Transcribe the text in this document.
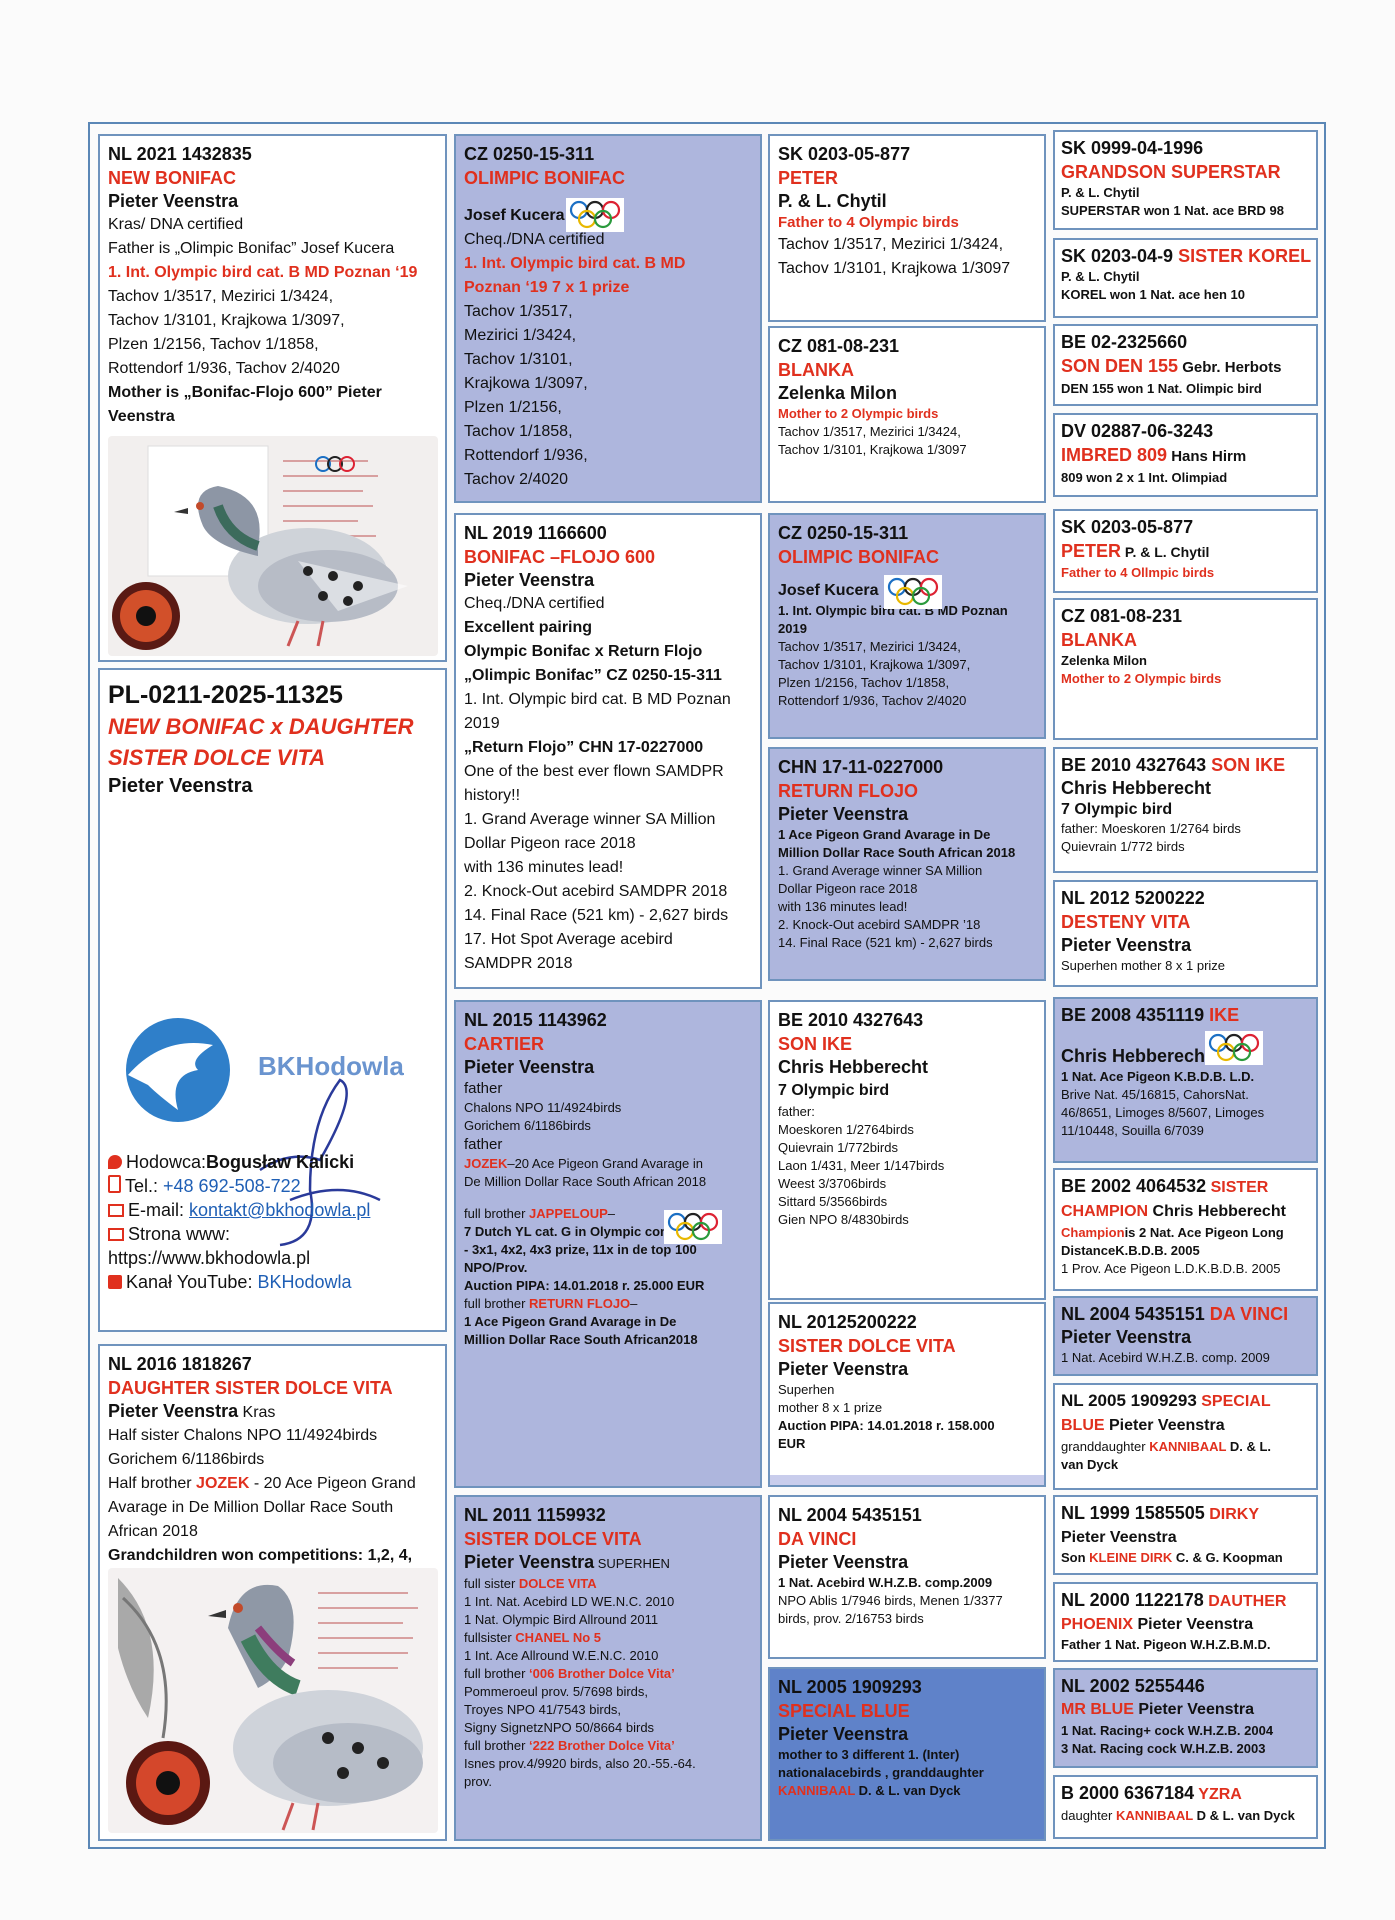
NL 2021 1432835
NEW BONIFAC
Pieter Veenstra
Kras/ DNA certified
Father is „Olimpic Bonifac” Josef Kucera
1. Int. Olympic bird cat. B MD Poznan ‘19
Tachov 1/3517, Mezirici 1/3424,
Tachov 1/3101, Krajkowa 1/3097,
Plzen 1/2156, Tachov 1/1858,
Rottendorf 1/936, Tachov 2/4020
Mother is „Bonifac-Flojo 600” Pieter
Veenstra
PL-0211-2025-11325
NEW BONIFAC x DAUGHTER
SISTER DOLCE VITA
Pieter Veenstra
BKHodowla
Hodowca:Bogusław Kalicki
Tel.: +48 692-508-722
E-mail: kontakt@bkhodowla.pl
Strona www:
https://www.bkhodowla.pl
Kanał YouTube: BKHodowla
NL 2016 1818267
DAUGHTER SISTER DOLCE VITA
Pieter Veenstra Kras
Half sister Chalons NPO 11/4924birds
Gorichem 6/1186birds
Half brother JOZEK - 20 Ace Pigeon Grand
Avarage in De Million Dollar Race South
African 2018
Grandchildren won competitions: 1,2, 4,
CZ 0250-15-311
OLIMPIC BONIFAC
Josef Kucera
Cheq./DNA certified
1. Int. Olympic bird cat. B MD
Poznan ‘19 7 x 1 prize
Tachov 1/3517,
Mezirici 1/3424,
Tachov 1/3101,
Krajkowa 1/3097,
Plzen 1/2156,
Tachov 1/1858,
Rottendorf 1/936,
Tachov 2/4020
NL 2019 1166600
BONIFAC –FLOJO 600
Pieter Veenstra
Cheq./DNA certified
Excellent pairing
Olympic Bonifac x Return Flojo
„Olimpic Bonifac” CZ 0250-15-311
1. Int. Olympic bird cat. B MD Poznan
2019
„Return Flojo” CHN 17-0227000
One of the best ever flown SAMDPR
history!!
1. Grand Average winner SA Million
Dollar Pigeon race 2018
with 136 minutes lead!
2. Knock-Out acebird SAMDPR 2018
14. Final Race (521 km) - 2,627 birds
17. Hot Spot Average acebird
SAMDPR 2018
NL 2015 1143962
CARTIER
Pieter Veenstra
father
Chalons NPO 11/4924birds
Gorichem 6/1186birds
father
JOZEK–20 Ace Pigeon Grand Avarage in
De Million Dollar Race South African 2018
full brother JAPPELOUP–
7 Dutch YL cat. G in Olympic comp. 2015
- 3x1, 4x2, 4x3 prize, 11x in de top 100
NPO/Prov.
Auction PIPA: 14.01.2018 r. 25.000 EUR
full brother RETURN FLOJO–
1 Ace Pigeon Grand Avarage in De
Million Dollar Race South African2018
NL 2011 1159932
SISTER DOLCE VITA
Pieter Veenstra SUPERHEN
full sister DOLCE VITA
1 Int. Nat. Acebird LD WE.N.C. 2010
1 Nat. Olympic Bird Allround 2011
fullsister CHANEL No 5
1 Int. Ace Allround W.E.N.C. 2010
full brother ‘006 Brother Dolce Vita’
Pommeroeul prov. 5/7698 birds,
Troyes NPO 41/7543 birds,
Signy SignetzNPO 50/8664 birds
full brother ‘222 Brother Dolce Vita’
Isnes prov.4/9920 birds, also 20.-55.-64.
prov.
SK 0203-05-877
PETER
P. & L. Chytil
Father to 4 Olympic birds
Tachov 1/3517, Mezirici 1/3424,
Tachov 1/3101, Krajkowa 1/3097
CZ 081-08-231
BLANKA
Zelenka Milon
Mother to 2 Olympic birds
Tachov 1/3517, Mezirici 1/3424,
Tachov 1/3101, Krajkowa 1/3097
CZ 0250-15-311
OLIMPIC BONIFAC
Josef Kucera
1. Int. Olympic bird cat. B MD Poznan
2019
Tachov 1/3517, Mezirici 1/3424,
Tachov 1/3101, Krajkowa 1/3097,
Plzen 1/2156, Tachov 1/1858,
Rottendorf 1/936, Tachov 2/4020
CHN 17-11-0227000
RETURN FLOJO
Pieter Veenstra
1 Ace Pigeon Grand Avarage in De
Million Dollar Race South African 2018
1. Grand Average winner SA Million
Dollar Pigeon race 2018
with 136 minutes lead!
2. Knock-Out acebird SAMDPR ’18
14. Final Race (521 km) - 2,627 birds
BE 2010 4327643
SON IKE
Chris Hebberecht
7 Olympic bird
father:
Moeskoren 1/2764birds
Quievrain 1/772birds
Laon 1/431, Meer 1/147birds
Weest 3/3706birds
Sittard 5/3566birds
Gien NPO 8/4830birds
NL 20125200222
SISTER DOLCE VITA
Pieter Veenstra
Superhen
mother 8 x 1 prize
Auction PIPA: 14.01.2018 r. 158.000
EUR
NL 2004 5435151
DA VINCI
Pieter Veenstra
1 Nat. Acebird W.H.Z.B. comp.2009
NPO Ablis 1/7946 birds, Menen 1/3377
birds, prov. 2/16753 birds
NL 2005 1909293
SPECIAL BLUE
Pieter Veenstra
mother to 3 different 1. (Inter)
nationalacebirds , granddaughter
KANNIBAAL D. & L. van Dyck
SK 0999-04-1996
GRANDSON SUPERSTAR
P. & L. Chytil
SUPERSTAR won 1 Nat. ace BRD 98
SK 0203-04-9 SISTER KOREL
P. & L. Chytil
KOREL won 1 Nat. ace hen 10
BE 02-2325660
SON DEN 155 Gebr. Herbots
DEN 155 won 1 Nat. Olimpic bird
DV 02887-06-3243
IMBRED 809 Hans Hirm
809 won 2 x 1 Int. Olimpiad
SK 0203-05-877
PETER P. & L. Chytil
Father to 4 Ollmpic birds
CZ 081-08-231
BLANKA
Zelenka Milon
Mother to 2 Olympic birds
BE 2010 4327643 SON IKE
Chris Hebberecht
7 Olympic bird
father: Moeskoren 1/2764 birds
Quievrain 1/772 birds
NL 2012 5200222
DESTENY VITA
Pieter Veenstra
Superhen mother 8 x 1 prize
BE 2008 4351119 IKE
Chris Hebberecht
1 Nat. Ace Pigeon K.B.D.B. L.D.
Brive Nat. 45/16815, CahorsNat.
46/8651, Limoges 8/5607, Limoges
11/10448, Souilla 6/7039
BE 2002 4064532 SISTER
CHAMPION Chris Hebberecht
Championis 2 Nat. Ace Pigeon Long
DistanceK.B.D.B. 2005
1 Prov. Ace Pigeon L.D.K.B.D.B. 2005
NL 2004 5435151 DA VINCI
Pieter Veenstra
1 Nat. Acebird W.H.Z.B. comp. 2009
NL 2005 1909293 SPECIAL
BLUE Pieter Veenstra
granddaughter KANNIBAAL D. & L.
van Dyck
NL 1999 1585505 DIRKY
Pieter Veenstra
Son KLEINE DIRK C. & G. Koopman
NL 2000 1122178 DAUTHER
PHOENIX Pieter Veenstra
Father 1 Nat. Pigeon W.H.Z.B.M.D.
NL 2002 5255446
MR BLUE Pieter Veenstra
1 Nat. Racing+ cock W.H.Z.B. 2004
3 Nat. Racing cock W.H.Z.B. 2003
B 2000 6367184 YZRA
daughter KANNIBAAL D & L. van Dyck
